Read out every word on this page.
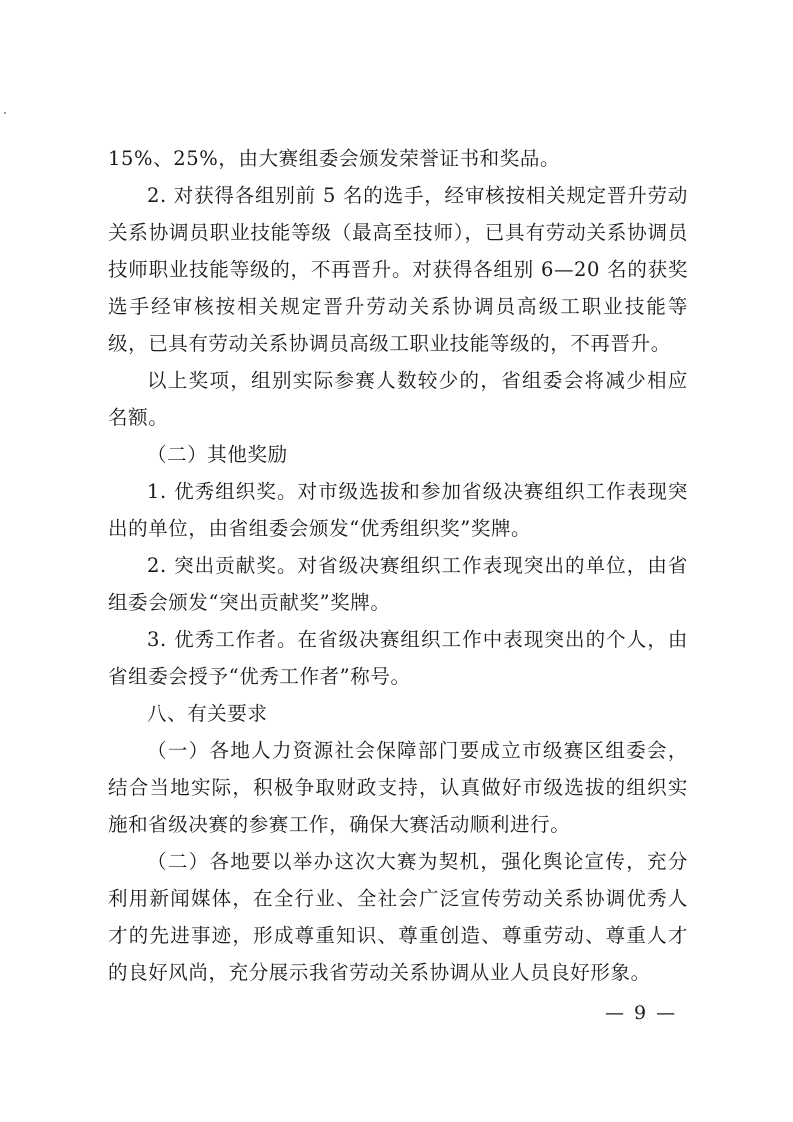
15%、25%，由大赛组委会颁发荣誉证书和奖品。

2. 对获得各组别前 5 名的选手，经审核按相关规定晋升劳动关系协调员职业技能等级（最高至技师），已具有劳动关系协调员技师职业技能等级的，不再晋升。对获得各组别 6—20 名的获奖选手经审核按相关规定晋升劳动关系协调员高级工职业技能等级，已具有劳动关系协调员高级工职业技能等级的，不再晋升。

以上奖项，组别实际参赛人数较少的，省组委会将减少相应名额。

（二）其他奖励

1. 优秀组织奖。对市级选拔和参加省级决赛组织工作表现突出的单位，由省组委会颁发“优秀组织奖”奖牌。

2. 突出贡献奖。对省级决赛组织工作表现突出的单位，由省组委会颁发“突出贡献奖”奖牌。

3. 优秀工作者。在省级决赛组织工作中表现突出的个人，由省组委会授予“优秀工作者”称号。

八、有关要求

（一）各地人力资源社会保障部门要成立市级赛区组委会，结合当地实际，积极争取财政支持，认真做好市级选拔的组织实施和省级决赛的参赛工作，确保大赛活动顺利进行。

（二）各地要以举办这次大赛为契机，强化舆论宣传，充分利用新闻媒体，在全行业、全社会广泛宣传劳动关系协调优秀人才的先进事迹，形成尊重知识、尊重创造、尊重劳动、尊重人才的良好风尚，充分展示我省劳动关系协调从业人员良好形象。

— 9 —
